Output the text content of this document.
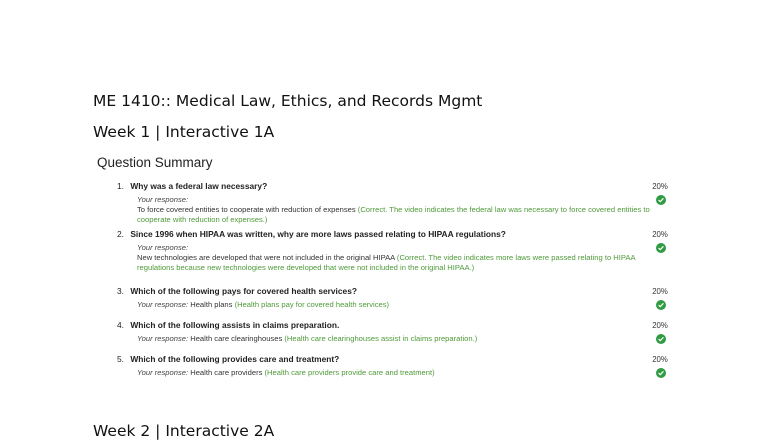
ME 1410:: Medical Law, Ethics, and Records Mgmt
Week 1 | Interactive 1A
Question Summary
1. Why was a federal law necessary?	20%
Your response:
To force covered entities to cooperate with reduction of expenses (Correct. The video indicates the federal law was necessary to force covered entities to cooperate with reduction of expenses.)
2. Since 1996 when HIPAA was written, why are more laws passed relating to HIPAA regulations?	20%
Your response:
New technologies are developed that were not included in the original HIPAA (Correct. The video indicates more laws were passed relating to HIPAA regulations because new technologies were developed that were not included in the original HIPAA.)
3. Which of the following pays for covered health services?	20%
Your response: Health plans (Health plans pay for covered health services)
4. Which of the following assists in claims preparation.	20%
Your response: Health care clearinghouses (Health care clearinghouses assist in claims preparation.)
5. Which of the following provides care and treatment?	20%
Your response: Health care providers (Health care providers provide care and treatment)
Week 2 | Interactive 2A
